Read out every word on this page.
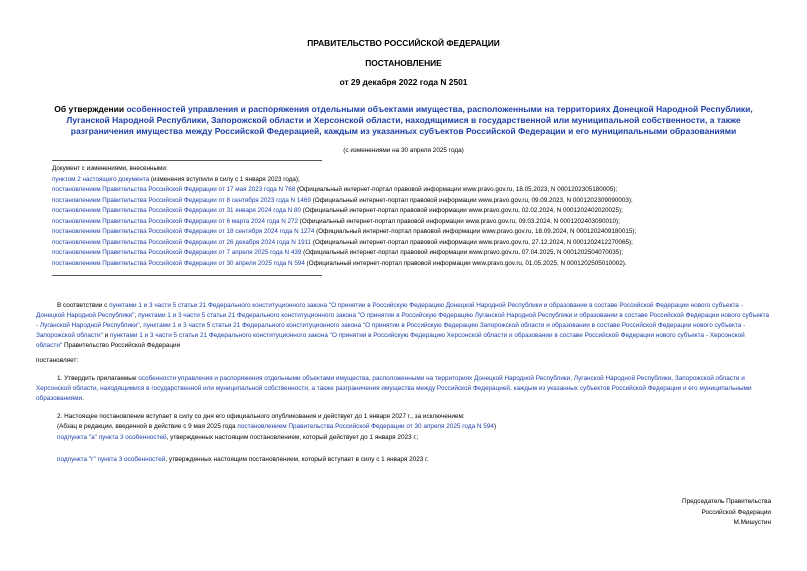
ПРАВИТЕЛЬСТВО РОССИЙСКОЙ ФЕДЕРАЦИИ
ПОСТАНОВЛЕНИЕ
от 29 декабря 2022 года N 2501
Об утверждении особенностей управления и распоряжения отдельными объектами имущества, расположенными на территориях Донецкой Народной Республики, Луганской Народной Республики, Запорожской области и Херсонской области, находящимися в государственной или муниципальной собственности, а также разграничения имущества между Российской Федерацией, каждым из указанных субъектов Российской Федерации и его муниципальными образованиями
(с изменениями на 30 апреля 2025 года)
Документ с изменениями, внесенными:
пунктом 2 настоящего документа (изменения вступили в силу с 1 января 2023 года);
постановлением Правительства Российской Федерации от 17 мая 2023 года N 768 (Официальный интернет-портал правовой информации www.pravo.gov.ru, 18.05.2023, N 0001202305180005);
постановлением Правительства Российской Федерации от 8 сентября 2023 года N 1469 (Официальный интернет-портал правовой информации www.pravo.gov.ru, 09.09.2023, N 0001202309090003);
постановлением Правительства Российской Федерации от 31 января 2024 года N 80 (Официальный интернет-портал правовой информации www.pravo.gov.ru, 02.02.2024, N 0001202402020025);
постановлением Правительства Российской Федерации от 6 марта 2024 года N 272 (Официальный интернет-портал правовой информации www.pravo.gov.ru, 09.03.2024, N 0001202403090010);
постановлением Правительства Российской Федерации от 18 сентября 2024 года N 1274 (Официальный интернет-портал правовой информации www.pravo.gov.ru, 18.09.2024, N 0001202409180015);
постановлением Правительства Российской Федерации от 26 декабря 2024 года N 1911 (Официальный интернет-портал правовой информации www.pravo.gov.ru, 27.12.2024, N 0001202412270065);
постановлением Правительства Российской Федерации от 7 апреля 2025 года N 439 (Официальный интернет-портал правовой информации www.pravo.gov.ru, 07.04.2025, N 0001202504070035);
постановлением Правительства Российской Федерации от 30 апреля 2025 года N 594 (Официальный интернет-портал правовой информации www.pravo.gov.ru, 01.05.2025, N 0001202505010002).
В соответствии с пунктами 1 и 3 части 5 статьи 21 Федерального конституционного закона "О принятии в Российскую Федерацию Донецкой Народной Республики и образовании в составе Российской Федерации нового субъекта - Донецкой Народной Республики", пунктами 1 и 3 части 5 статьи 21 Федерального конституционного закона "О принятии в Российскую Федерацию Луганской Народной Республики и образовании в составе Российской Федерации нового субъекта - Луганской Народной Республики", пунктами 1 и 3 части 5 статьи 21 Федерального конституционного закона "О принятии в Российскую Федерацию Запорожской области и образовании в составе Российской Федерации нового субъекта - Запорожской области" и пунктами 1 и 3 части 5 статьи 21 Федерального конституционного закона "О принятии в Российскую Федерацию Херсонской области и образовании в составе Российской Федерации нового субъекта - Херсонской области" Правительство Российской Федерации
постановляет:
1. Утвердить прилагаемые особенности управления и распоряжения отдельными объектами имущества, расположенными на территориях Донецкой Народной Республики, Луганской Народной Республики, Запорожской области и Херсонской области, находящимися в государственной или муниципальной собственности, а также разграничения имущества между Российской Федерацией, каждым из указанных субъектов Российской Федерации и его муниципальными образованиями.
2. Настоящее постановление вступает в силу со дня его официального опубликования и действует до 1 января 2027 г., за исключением:
(Абзац в редакции, введенной в действие с 9 мая 2025 года постановлением Правительства Российской Федерации от 30 апреля 2025 года N 594)
подпункта "а" пункта 3 особенностей, утвержденных настоящим постановлением, который действует до 1 января 2023 г.;
подпункта "г" пункта 3 особенностей, утвержденных настоящим постановлением, который вступает в силу с 1 января 2023 г.
Председатель Правительства
Российской Федерации
М.Мишустин
